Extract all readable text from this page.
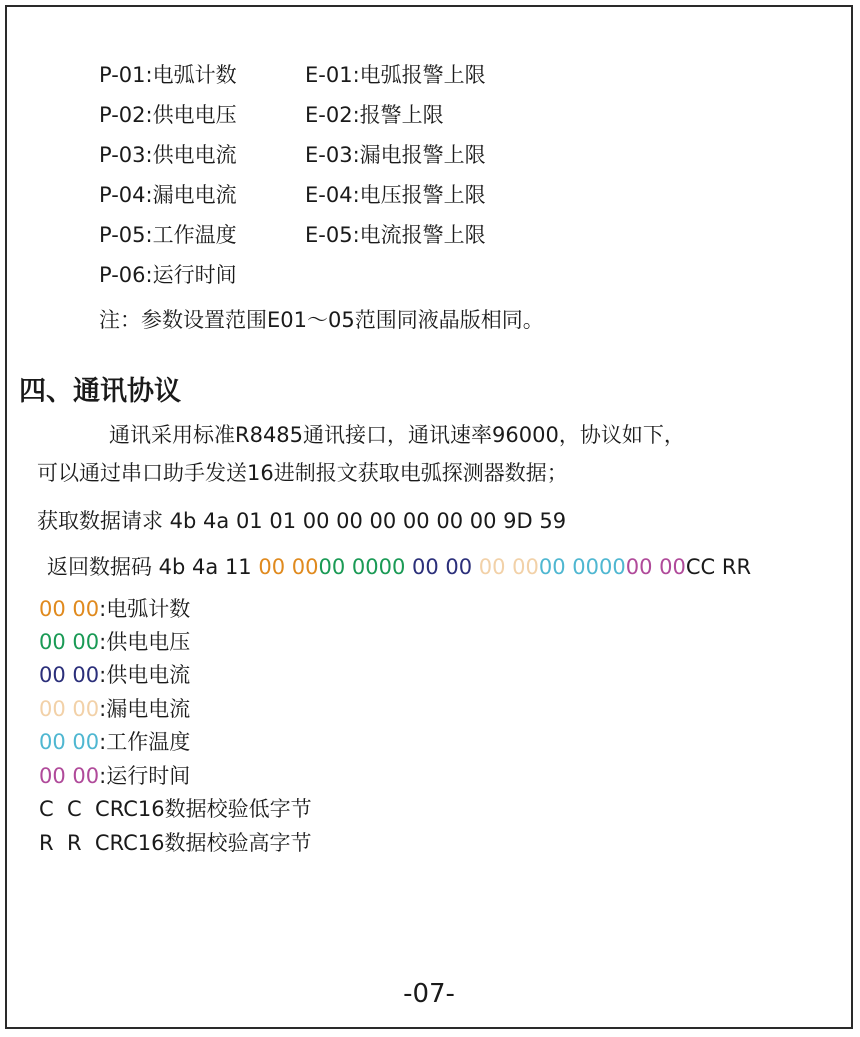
P-01:电弧计数	E-01:电弧报警上限
P-02:供电电压	E-02:报警上限
P-03:供电电流	E-03:漏电报警上限
P-04:漏电电流	E-04:电压报警上限
P-05:工作温度	E-05:电流报警上限
P-06:运行时间
注：参数设置范围E01～05范围同液晶版相同。
四、通讯协议
通讯采用标准R8485通讯接口，通讯速率96000，协议如下，
可以通过串口助手发送16进制报文获取电弧探测器数据；
获取数据请求 4b 4a 01 01 00 00 00 00 00 00 9D 59
返回数据码 4b 4a 11 00 0000 0000 00 00 00 0000 000000 00CC RR
00 00:电弧计数
00 00:供电电压
00 00:供电电流
00 00:漏电电流
00 00:工作温度
00 00:运行时间
C  C  CRC16数据校验低字节
R  R  CRC16数据校验高字节
-07-
